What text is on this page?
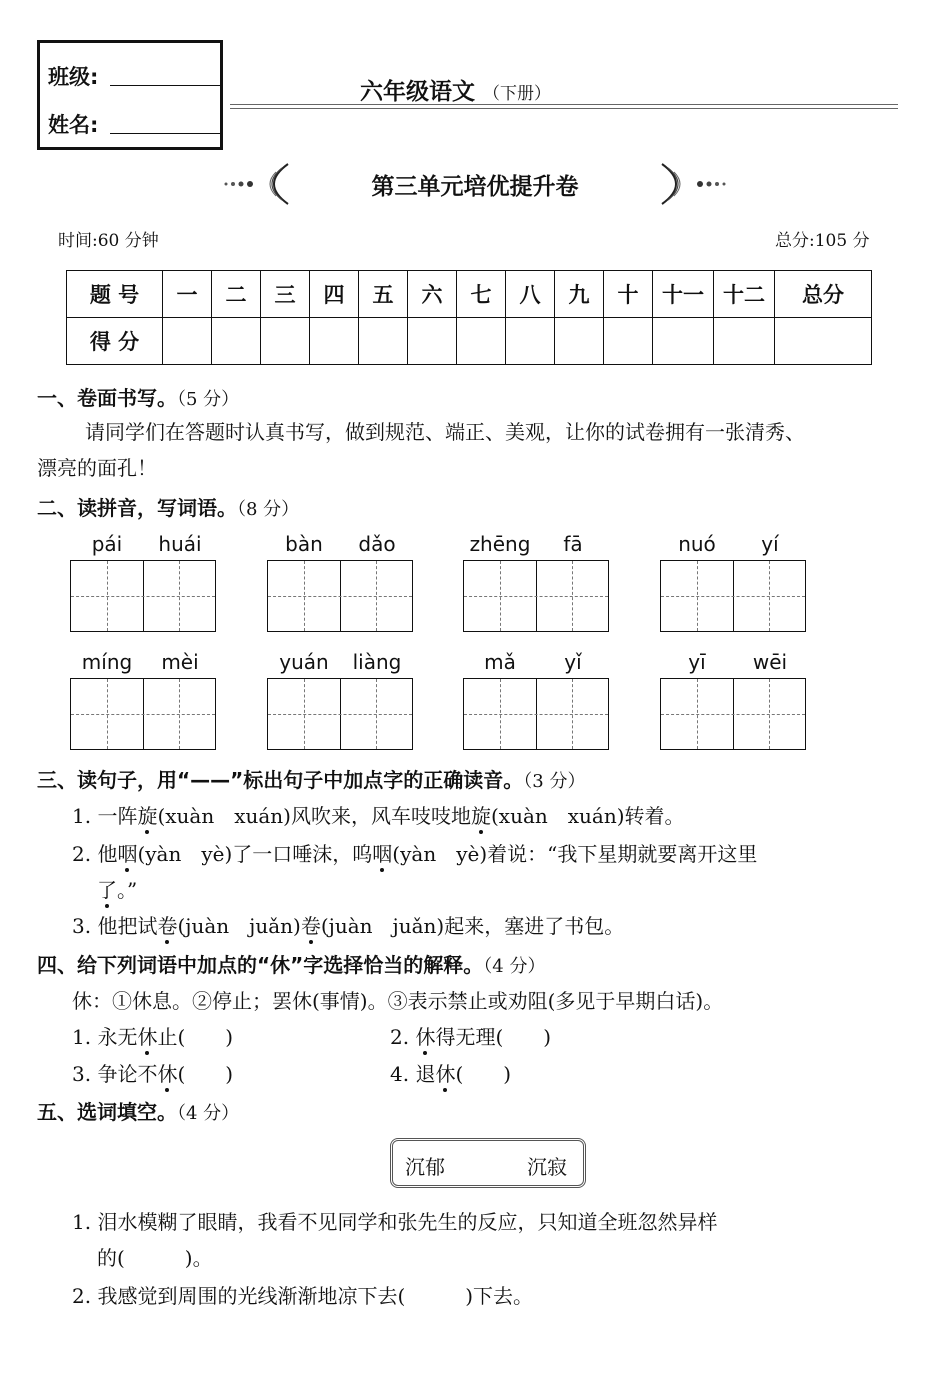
班级:
姓名:
六年级语文 （下册）
第三单元培优提升卷
时间:60 分钟	总分:105 分
题 号	一	二	三	四	五	六	七	八	九	十	十一	十二	总分
得 分													
一、卷面书写。（5 分）
请同学们在答题时认真书写，做到规范、端正、美观，让你的试卷拥有一张清秀、
漂亮的面孔！
二、读拼音，写词语。（8 分）
pái	huái	bàn	dǎo	zhēng	fā	nuó	yí
míng	mèi	yuán	liàng	mǎ	yǐ	yī	wēi
三、读句子，用“——”标出句子中加点字的正确读音。（3 分）
1. 一阵旋(xuàn　xuán)风吹来，风车吱吱地旋(xuàn　xuán)转着。
2. 他咽(yàn　yè)了一口唾沫，呜咽(yàn　yè)着说：“我下星期就要离开这里
了。”
3. 他把试卷(juàn　juǎn)卷(juàn　juǎn)起来，塞进了书包。
四、给下列词语中加点的“休”字选择恰当的解释。（4 分）
休：①休息。②停止；罢休(事情)。③表示禁止或劝阻(多见于早期白话)。
1. 永无休止(　　)	2. 休得无理(　　)
3. 争论不休(　　)	4. 退休(　　)
五、选词填空。（4 分）
沉郁	沉寂
1. 泪水模糊了眼睛，我看不见同学和张先生的反应，只知道全班忽然异样
的(　　　)。
2. 我感觉到周围的光线渐渐地凉下去(　　　)下去。
